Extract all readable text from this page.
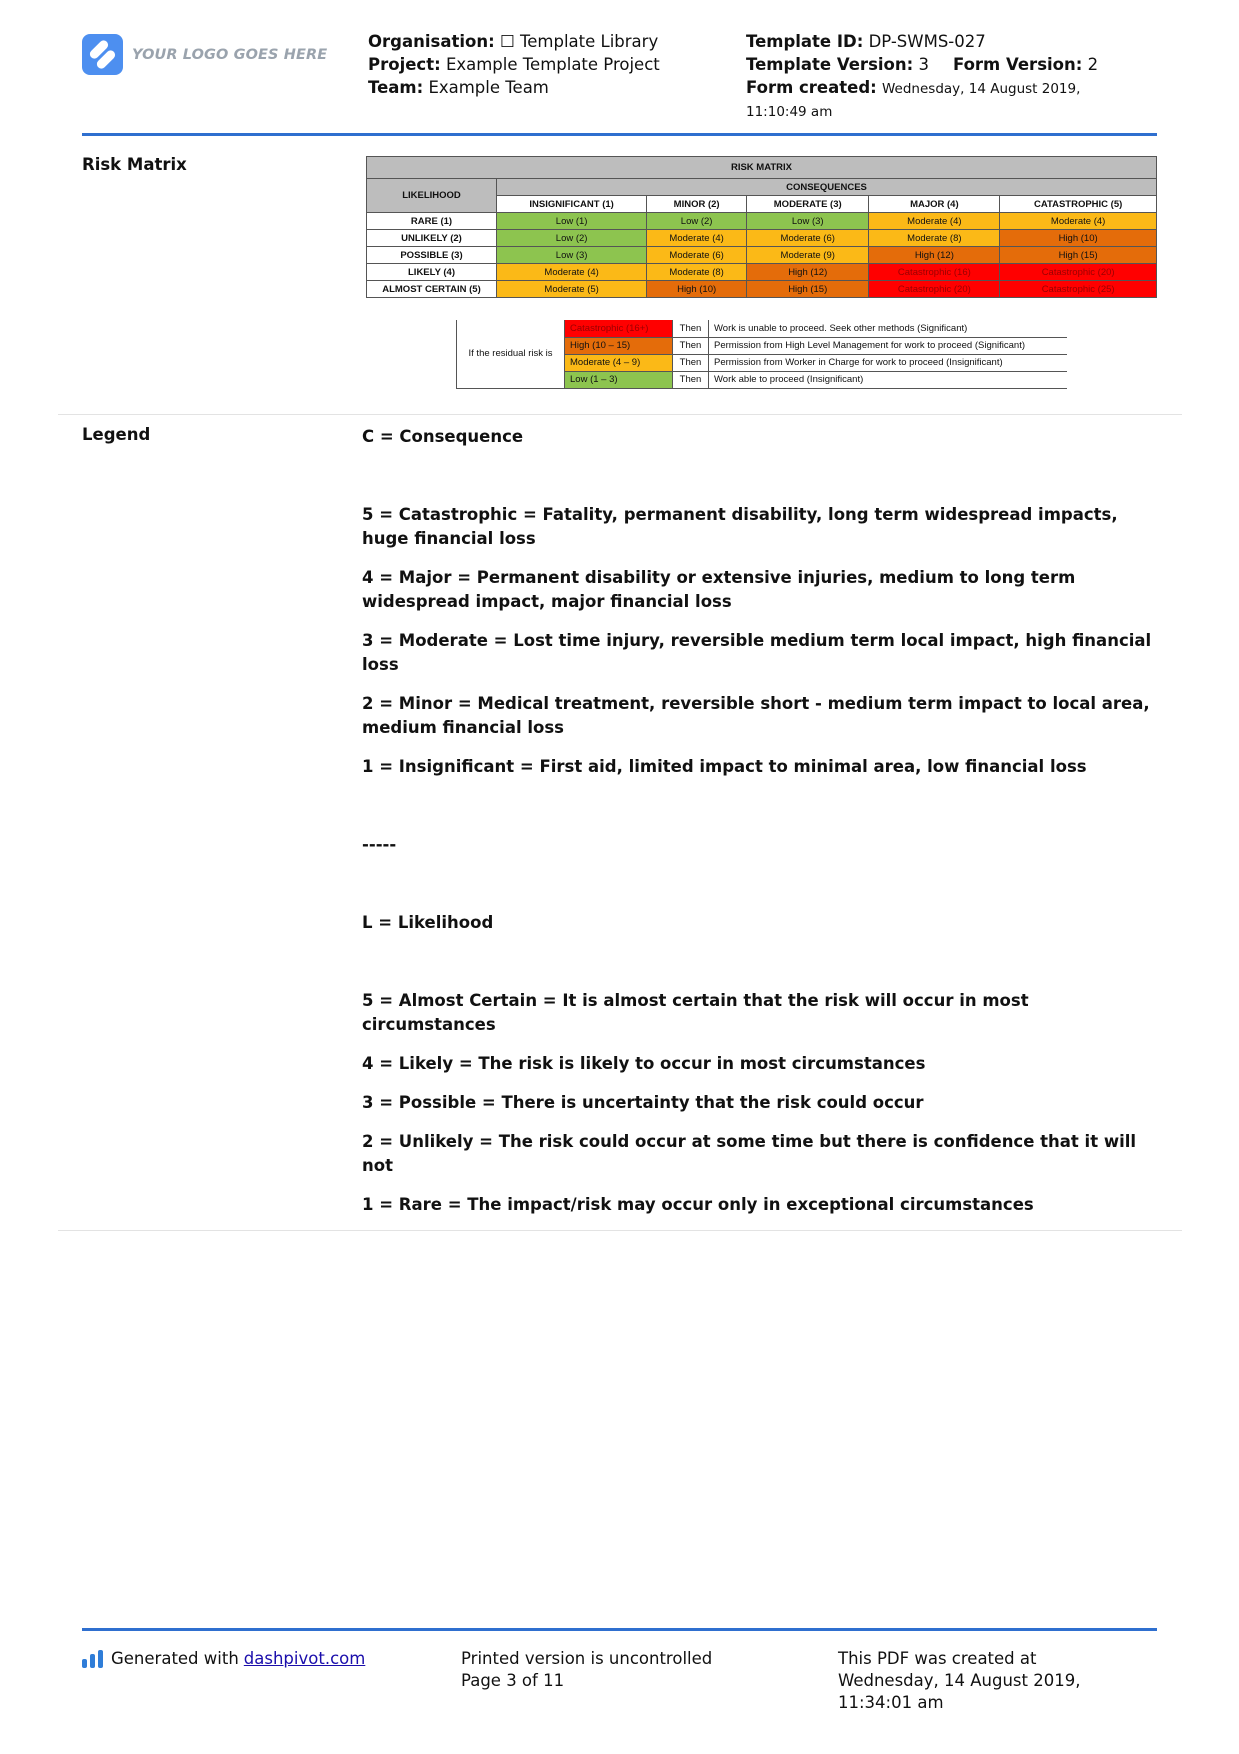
YOUR LOGO GOES HERE
Organisation: ☐ Template Library
Project: Example Template Project
Team: Example Team
Template ID: DP-SWMS-027
Template Version: 3 Form Version: 2
Form created: Wednesday, 14 August 2019,
11:10:49 am
Risk Matrix	RISK MATRIX					
LIKELIHOOD	CONSEQUENCES				
	INSIGNIFICANT (1)	MINOR (2)	MODERATE (3)	MAJOR (4)	CATASTROPHIC (5)
RARE (1)	Low (1)	Low (2)	Low (3)	Moderate (4)	Moderate (4)
UNLIKELY (2)	Low (2)	Moderate (4)	Moderate (6)	Moderate (8)	High (10)
POSSIBLE (3)	Low (3)	Moderate (6)	Moderate (9)	High (12)	High (15)
LIKELY (4)	Moderate (4)	Moderate (8)	High (12)	Catastrophic (16)	Catastrophic (20)
ALMOST CERTAIN (5)	Moderate (5)	High (10)	High (15)	Catastrophic (20)	Catastrophic (25)
If the residual risk is	Catastrophic (16+)	Then	Work is unable to proceed. Seek other methods (Significant)
	High (10 – 15)	Then	Permission from High Level Management for work to proceed (Significant)
	Moderate (4 – 9)	Then	Permission from Worker in Charge for work to proceed (Insignificant)
	Low (1 – 3)	Then	Work able to proceed (Insignificant)
Legend	C = Consequence

5 = Catastrophic = Fatality, permanent disability, long term widespread impacts, huge financial loss

4 = Major = Permanent disability or extensive injuries, medium to long term widespread impact, major financial loss

3 = Moderate = Lost time injury, reversible medium term local impact, high financial loss

2 = Minor = Medical treatment, reversible short - medium term impact to local area, medium financial loss

1 = Insignificant = First aid, limited impact to minimal area, low financial loss

-----

L = Likelihood

5 = Almost Certain = It is almost certain that the risk will occur in most circumstances

4 = Likely = The risk is likely to occur in most circumstances

3 = Possible = There is uncertainty that the risk could occur

2 = Unlikely = The risk could occur at some time but there is confidence that it will not

1 = Rare = The impact/risk may occur only in exceptional circumstances

Generated with dashpivot.com	Printed version is uncontrolled
Page 3 of 11
This PDF was created at
Wednesday, 14 August 2019,
11:34:01 am
